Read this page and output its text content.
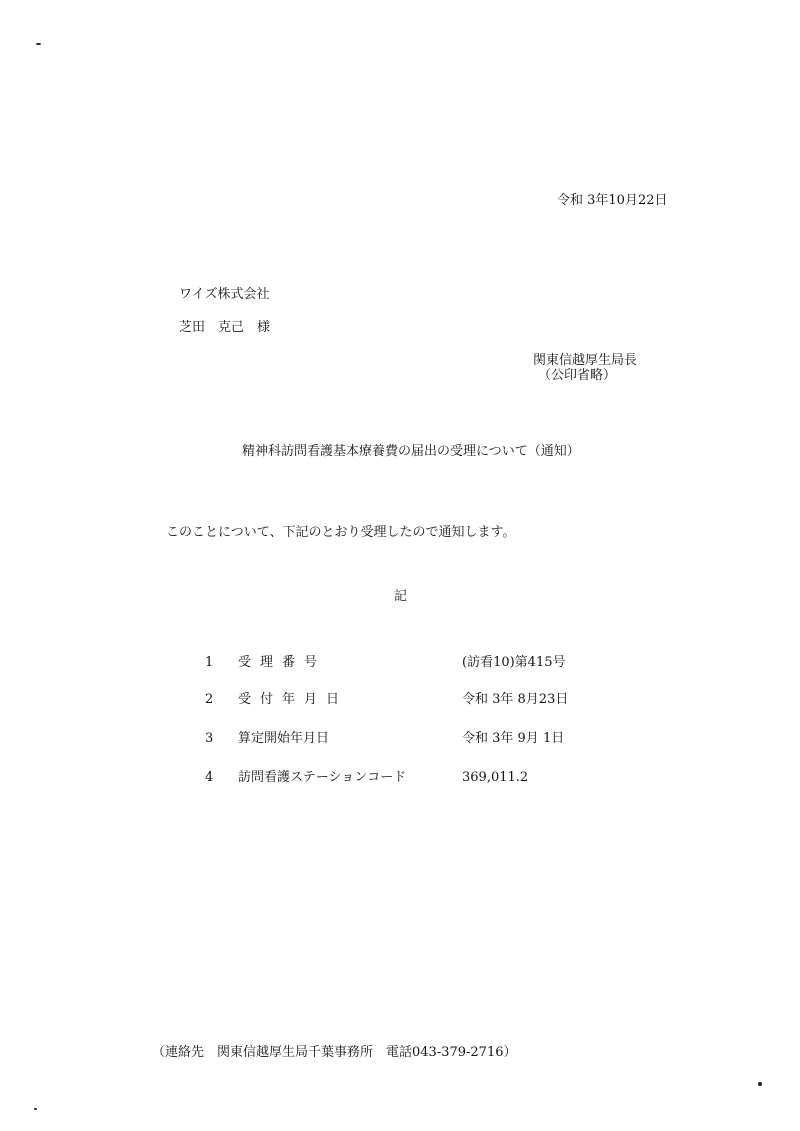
令和 3年10月22日
ワイズ株式会社
芝田　克己　様
関東信越厚生局長
（公印省略）
精神科訪問看護基本療養費の届出の受理について（通知）
このことについて、下記のとおり受理したので通知します。
記
1	受理番号	(訪看10)第415号
2	受付年月日	令和 3年 8月23日
3	算定開始年月日	令和 3年 9月 1日
4	訪問看護ステーションコード	369,011.2
（連絡先　関東信越厚生局千葉事務所　電話043-379-2716）
